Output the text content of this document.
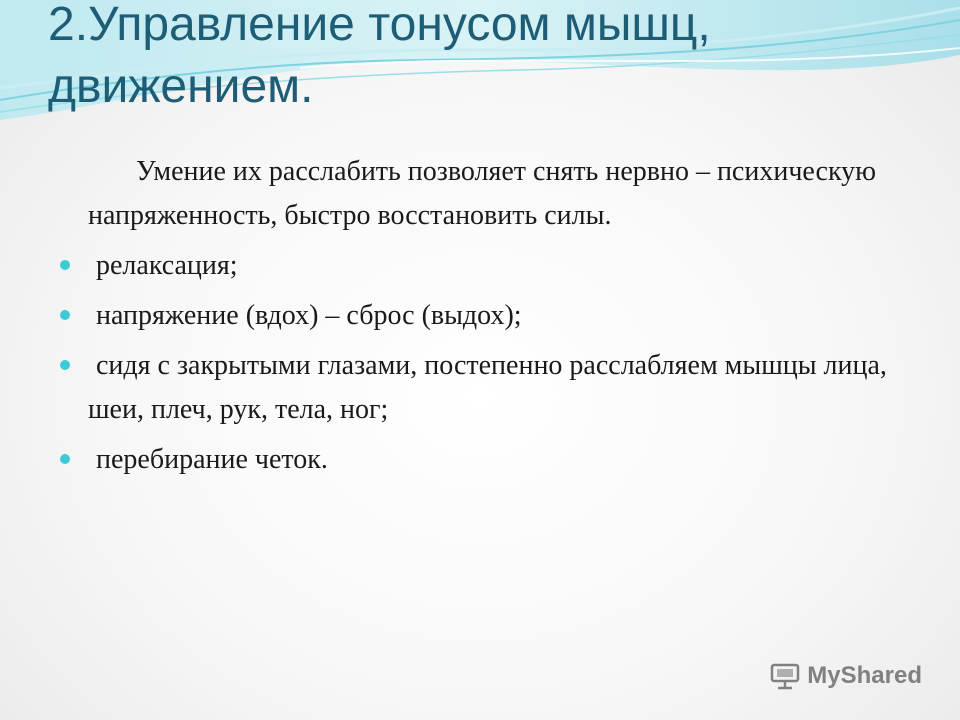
2.Управление тонусом мышц, движением.

Умение их расслабить позволяет снять нервно – психическую напряженность, быстро восстановить силы.

релаксация;
напряжение (вдох) – сброс (выдох);
сидя с закрытыми глазами, постепенно расслабляем мышцы лица, шеи, плеч, рук, тела, ног;
перебирание четок.
MyShared
